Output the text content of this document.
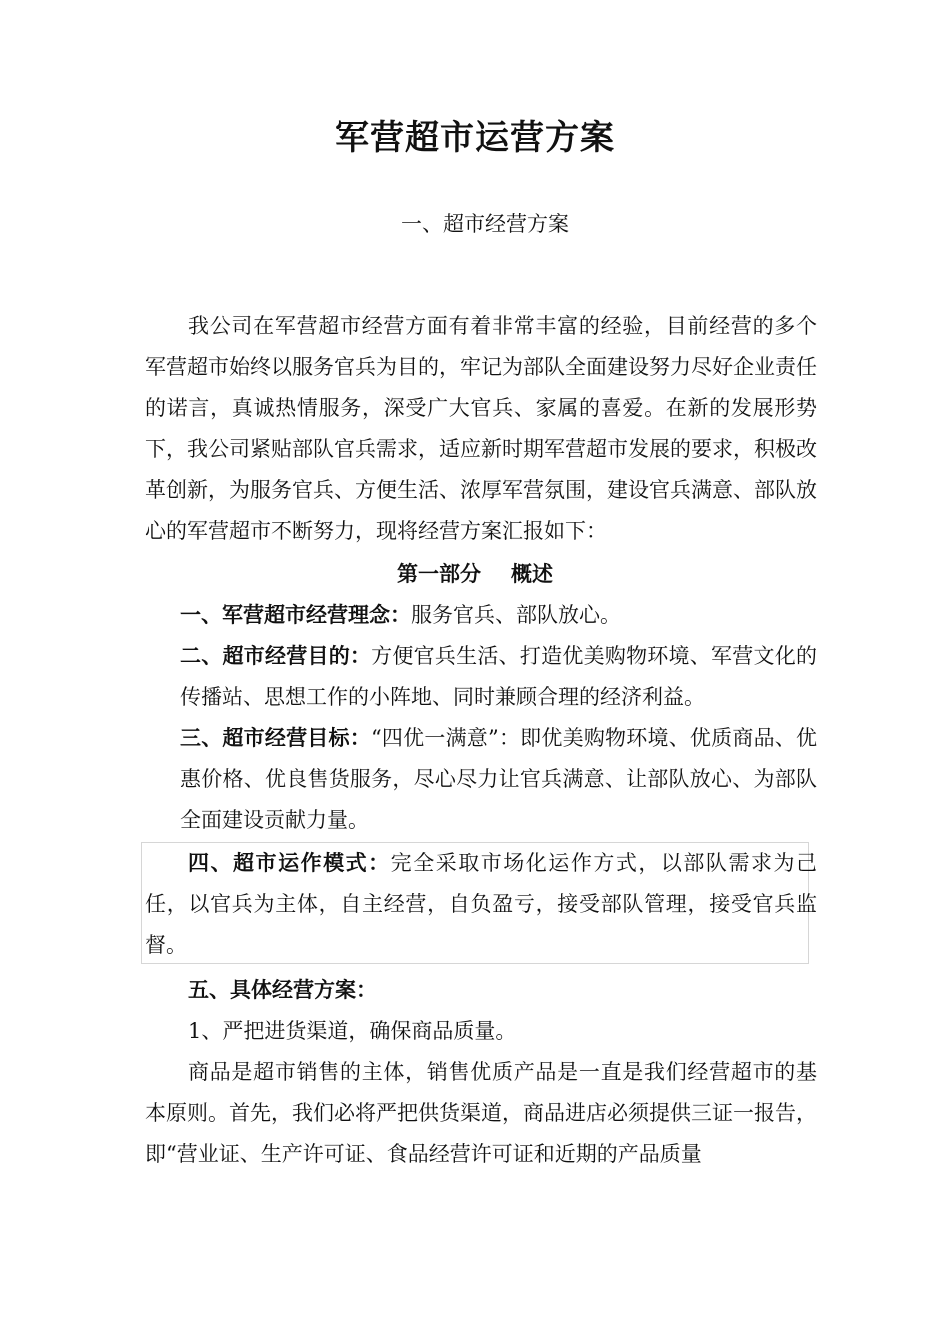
军营超市运营方案
一、超市经营方案

我公司在军营超市经营方面有着非常丰富的经验，目前经营的多个军营超市始终以服务官兵为目的，牢记为部队全面建设努力尽好企业责任的诺言，真诚热情服务，深受广大官兵、家属的喜爱。在新的发展形势下，我公司紧贴部队官兵需求，适应新时期军营超市发展的要求，积极改革创新，为服务官兵、方便生活、浓厚军营氛围，建设官兵满意、部队放心的军营超市不断努力，现将经营方案汇报如下：

第一部分 概述

一、军营超市经营理念：服务官兵、部队放心。

二、超市经营目的：方便官兵生活、打造优美购物环境、军营文化的传播站、思想工作的小阵地、同时兼顾合理的经济利益。

三、超市经营目标：“四优一满意”：即优美购物环境、优质商品、优惠价格、优良售货服务，尽心尽力让官兵满意、让部队放心、为部队全面建设贡献力量。

四、超市运作模式：完全采取市场化运作方式，以部队需求为己任，以官兵为主体，自主经营，自负盈亏，接受部队管理，接受官兵监督。

五、具体经营方案：

1、严把进货渠道，确保商品质量。

商品是超市销售的主体，销售优质产品是一直是我们经营超市的基本原则。首先，我们必将严把供货渠道，商品进店必须提供三证一报告，即“营业证、生产许可证、食品经营许可证和近期的产品质量
